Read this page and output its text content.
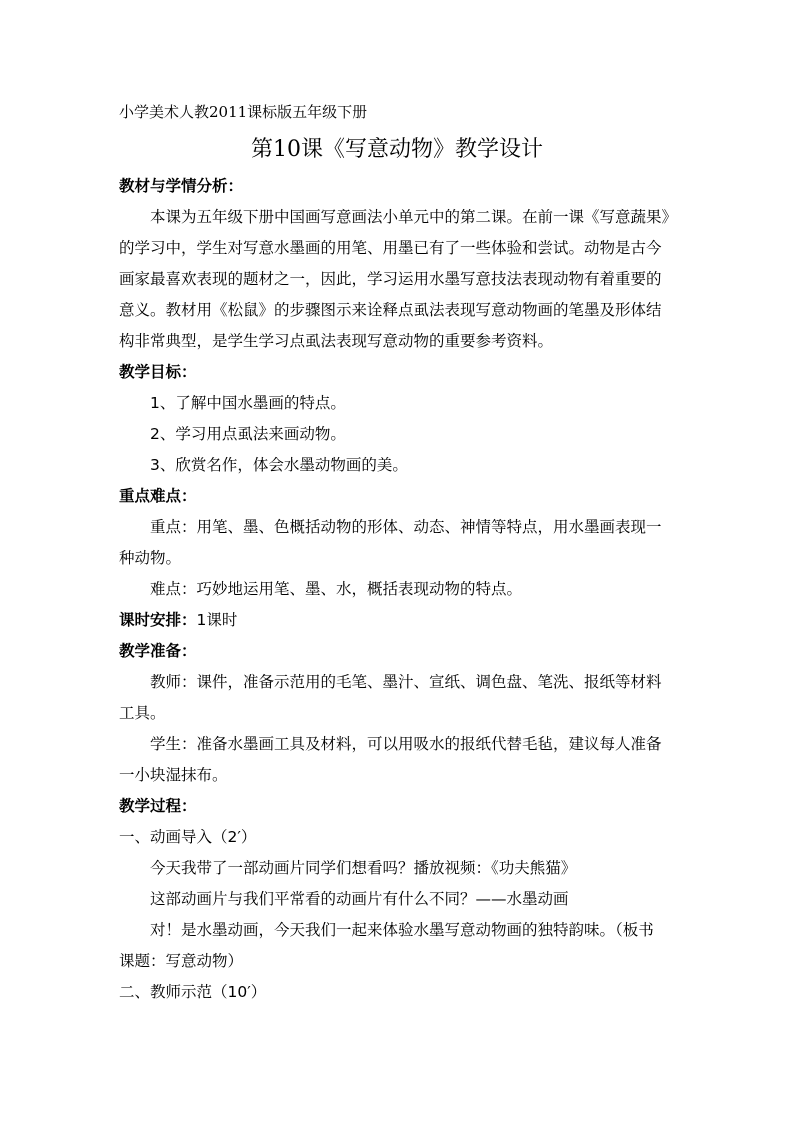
小学美术人教2011课标版五年级下册
第10课《写意动物》教学设计
教材与学情分析：
本课为五年级下册中国画写意画法小单元中的第二课。在前一课《写意蔬果》
的学习中，学生对写意水墨画的用笔、用墨已有了一些体验和尝试。动物是古今
画家最喜欢表现的题材之一，因此，学习运用水墨写意技法表现动物有着重要的
意义。教材用《松鼠》的步骤图示来诠释点虱法表现写意动物画的笔墨及形体结
构非常典型，是学生学习点虱法表现写意动物的重要参考资料。
教学目标：
1、了解中国水墨画的特点。
2、学习用点虱法来画动物。
3、欣赏名作，体会水墨动物画的美。
重点难点：
重点：用笔、墨、色概括动物的形体、动态、神情等特点，用水墨画表现一
种动物。
难点：巧妙地运用笔、墨、水，概括表现动物的特点。
课时安排：1课时
教学准备：
教师：课件，准备示范用的毛笔、墨汁、宣纸、调色盘、笔洗、报纸等材料
工具。
学生：准备水墨画工具及材料，可以用吸水的报纸代替毛毡，建议每人准备
一小块湿抹布。
教学过程：
一、动画导入（2′）
今天我带了一部动画片同学们想看吗？播放视频：《功夫熊猫》
这部动画片与我们平常看的动画片有什么不同？——水墨动画
对！是水墨动画，今天我们一起来体验水墨写意动物画的独特韵味。（板书
课题：写意动物）
二、教师示范（10′）
